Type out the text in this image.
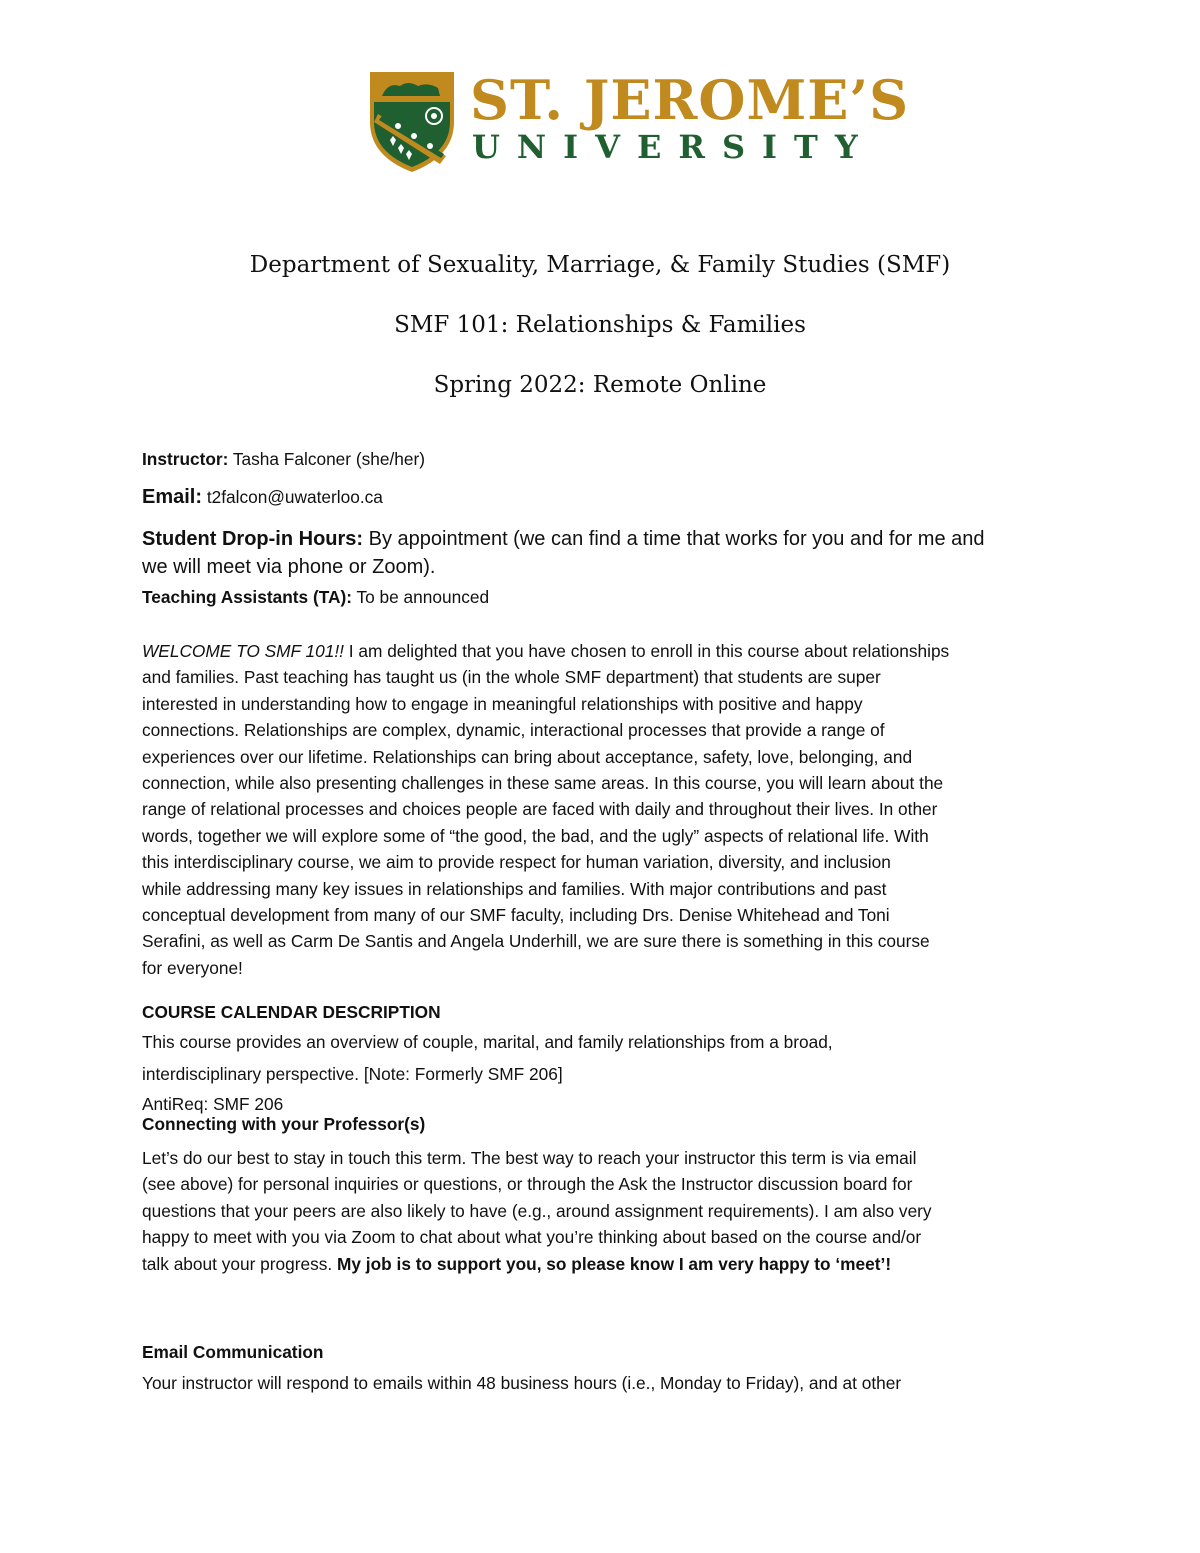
ST. JEROME’S
UNIVERSITY
Department of Sexuality, Marriage, & Family Studies (SMF)
SMF 101: Relationships & Families
Spring 2022: Remote Online
Instructor: Tasha Falconer (she/her)
Email: t2falcon@uwaterloo.ca
Student Drop-in Hours: By appointment (we can find a time that works for you and for me and
we will meet via phone or Zoom).
Teaching Assistants (TA): To be announced
WELCOME TO SMF 101!! I am delighted that you have chosen to enroll in this course about relationships
and families. Past teaching has taught us (in the whole SMF department) that students are super
interested in understanding how to engage in meaningful relationships with positive and happy
connections. Relationships are complex, dynamic, interactional processes that provide a range of
experiences over our lifetime. Relationships can bring about acceptance, safety, love, belonging, and
connection, while also presenting challenges in these same areas. In this course, you will learn about the
range of relational processes and choices people are faced with daily and throughout their lives. In other
words, together we will explore some of “the good, the bad, and the ugly” aspects of relational life. With
this interdisciplinary course, we aim to provide respect for human variation, diversity, and inclusion
while addressing many key issues in relationships and families. With major contributions and past
conceptual development from many of our SMF faculty, including Drs. Denise Whitehead and Toni
Serafini, as well as Carm De Santis and Angela Underhill, we are sure there is something in this course
for everyone!
COURSE CALENDAR DESCRIPTION
This course provides an overview of couple, marital, and family relationships from a broad,
interdisciplinary perspective. [Note: Formerly SMF 206]
AntiReq: SMF 206
Connecting with your Professor(s)
Let’s do our best to stay in touch this term. The best way to reach your instructor this term is via email
(see above) for personal inquiries or questions, or through the Ask the Instructor discussion board for
questions that your peers are also likely to have (e.g., around assignment requirements). I am also very
happy to meet with you via Zoom to chat about what you’re thinking about based on the course and/or
talk about your progress. My job is to support you, so please know I am very happy to ‘meet’!
Email Communication
Your instructor will respond to emails within 48 business hours (i.e., Monday to Friday), and at other
